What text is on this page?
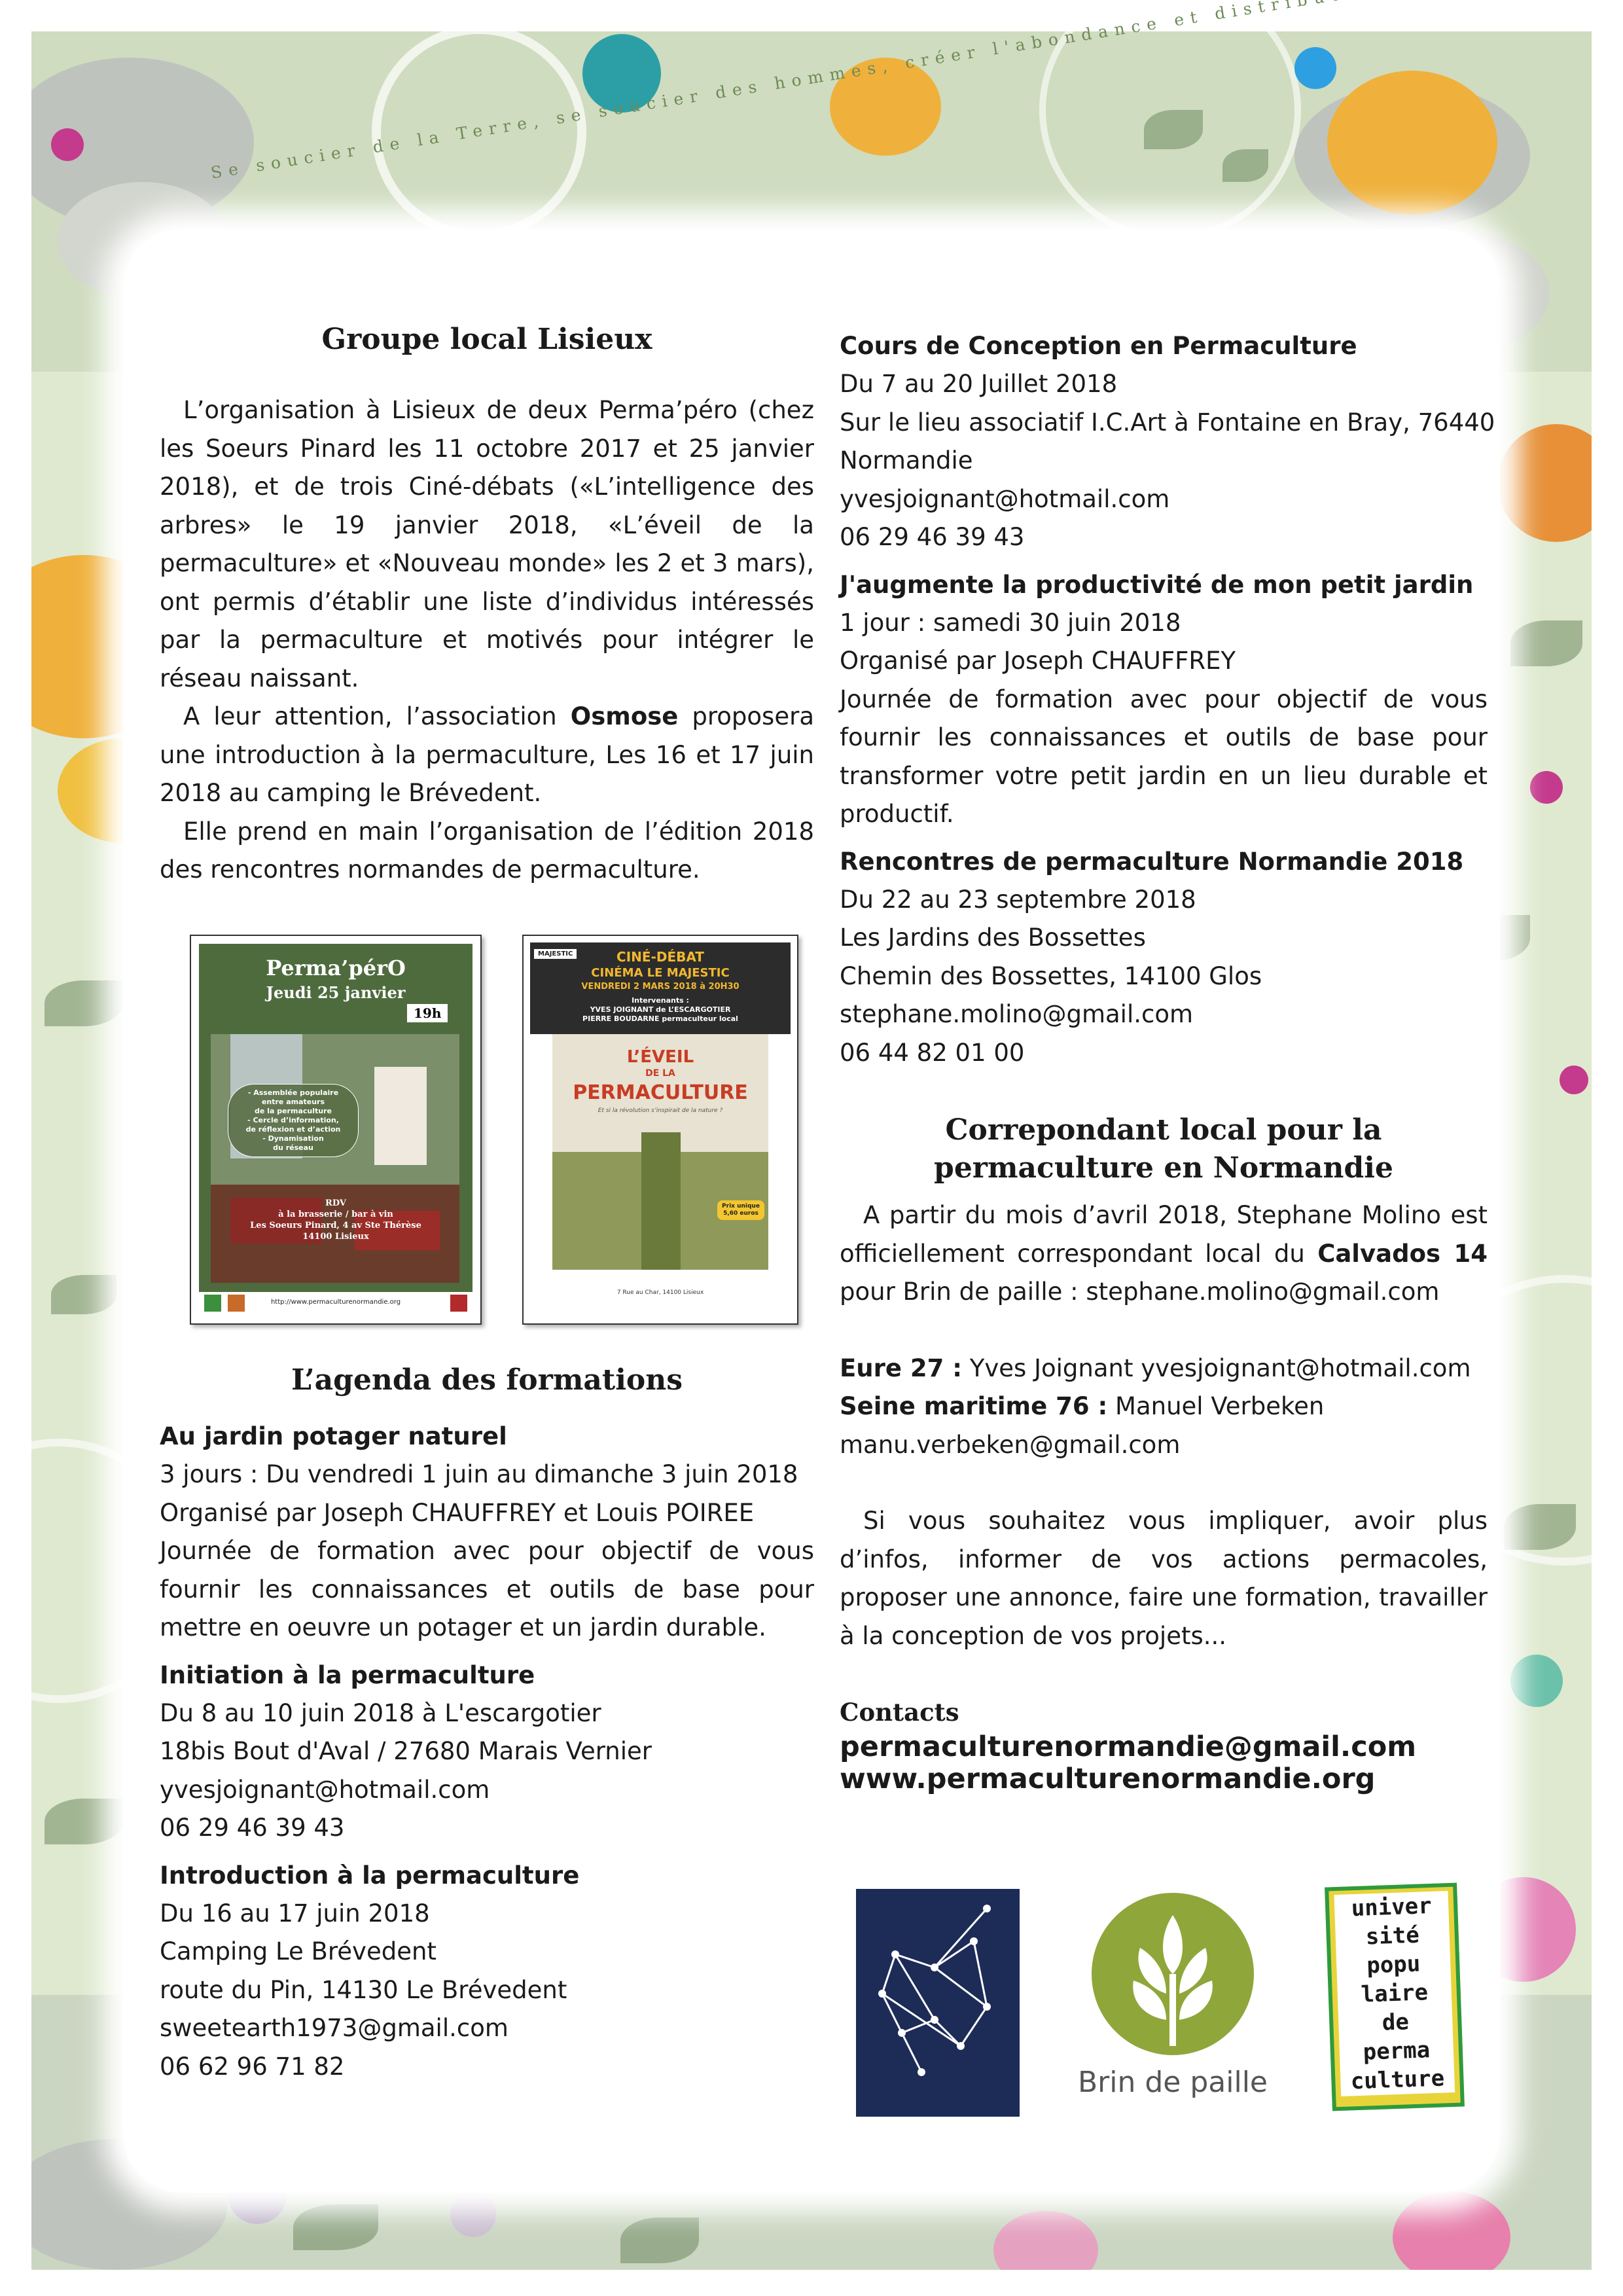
Se soucier de la Terre, se soucier des hommes, créer l'abondance et distribuer
Groupe local Lisieux

L’organisation à Lisieux de deux Perma’péro (chez les Soeurs Pinard les 11 octobre 2017 et 25 janvier 2018), et de trois Ciné-débats («L’intelligence des arbres» le 19 janvier 2018, «L’éveil de la permaculture» et «Nouveau monde» les 2 et 3 mars), ont permis d’établir une liste d’individus intéressés par la permaculture et motivés pour intégrer le réseau naissant.

A leur attention, l’association Osmose proposera une introduction à la permaculture, Les 16 et 17 juin 2018 au camping le Brévedent.

Elle prend en main l’organisation de l’édition 2018 des rencontres normandes de permaculture.

Perma’pérO
Jeudi 25 janvier
19h
- Assemblée populaire
entre amateurs
de la permaculture
- Cercle d’information,
de réflexion et d’action
- Dynamisation
du réseau
RDV
à la brasserie / bar à vin
Les Soeurs Pinard, 4 av Ste Thérèse
14100 Lisieux
http://www.permaculturenormandie.org
MAJESTIC	CINÉ-DÉBAT
CINÉMA LE MAJESTIC
VENDREDI 2 MARS 2018 à 20H30
Intervenants :
YVES JOIGNANT de L’ESCARGOTIER
PIERRE BOUDARNE permaculteur local
L’ÉVEIL
DE LA
PERMACULTURE
Et si la révolution s’inspirait de la nature ?
Prix unique 5,60 euros
7 Rue au Char, 14100 Lisieux
L’agenda des formations
Au jardin potager naturel
3 jours : Du vendredi 1 juin au dimanche 3 juin 2018
Organisé par Joseph CHAUFFREY et Louis POIREE

Journée de formation avec pour objectif de vous fournir les connaissances et outils de base pour mettre en oeuvre un potager et un jardin durable.

Initiation à la permaculture
Du 8 au 10 juin 2018 à L'escargotier
18bis Bout d'Aval / 27680 Marais Vernier
yvesjoignant@hotmail.com
06 29 46 39 43
Introduction à la permaculture
Du 16 au 17 juin 2018
Camping Le Brévedent
route du Pin, 14130 Le Brévedent
sweetearth1973@gmail.com
06 62 96 71 82
Cours de Conception en Permaculture
Du 7 au 20 Juillet 2018
Sur le lieu associatif I.C.Art à Fontaine en Bray, 76440
Normandie
yvesjoignant@hotmail.com
06 29 46 39 43
J'augmente la productivité de mon petit jardin
1 jour : samedi 30 juin 2018
Organisé par Joseph CHAUFFREY

Journée de formation avec pour objectif de vous fournir les connaissances et outils de base pour transformer votre petit jardin en un lieu durable et productif.

Rencontres de permaculture Normandie 2018
Du 22 au 23 septembre 2018
Les Jardins des Bossettes
Chemin des Bossettes, 14100 Glos
stephane.molino@gmail.com
06 44 82 01 00
Correpondant local pour la
permaculture en Normandie

A partir du mois d’avril 2018, Stephane Molino est officiellement correspondant local du Calvados 14 pour Brin de paille : stephane.molino@gmail.com

Eure 27 : Yves Joignant yvesjoignant@hotmail.com
Seine maritime 76 : Manuel Verbeken
manu.verbeken@gmail.com

Si vous souhaitez vous impliquer, avoir plus d’infos, informer de vos actions permacoles, proposer une annonce, faire une formation, travailler à la conception de vos projets...

Contacts
permaculturenormandie@gmail.com
www.permaculturenormandie.org
Brin de paille
univer
sité
popu
laire
de
perma
culture
